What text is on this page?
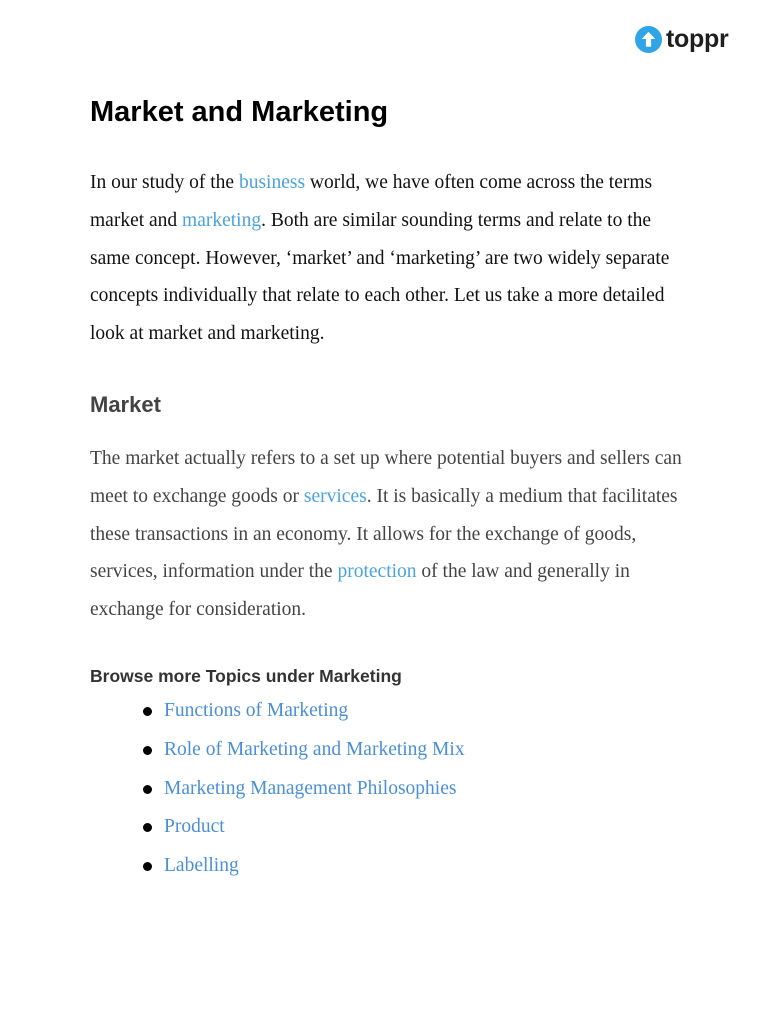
toppr
Market and Marketing

In our study of the business world, we have often come across the terms market and marketing. Both are similar sounding terms and relate to the same concept. However, ‘market’ and ‘marketing’ are two widely separate concepts individually that relate to each other. Let us take a more detailed look at market and marketing.

Market

The market actually refers to a set up where potential buyers and sellers can meet to exchange goods or services. It is basically a medium that facilitates these transactions in an economy. It allows for the exchange of goods, services, information under the protection of the law and generally in exchange for consideration.

Browse more Topics under Marketing
Functions of Marketing
Role of Marketing and Marketing Mix
Marketing Management Philosophies
Product
Labelling
